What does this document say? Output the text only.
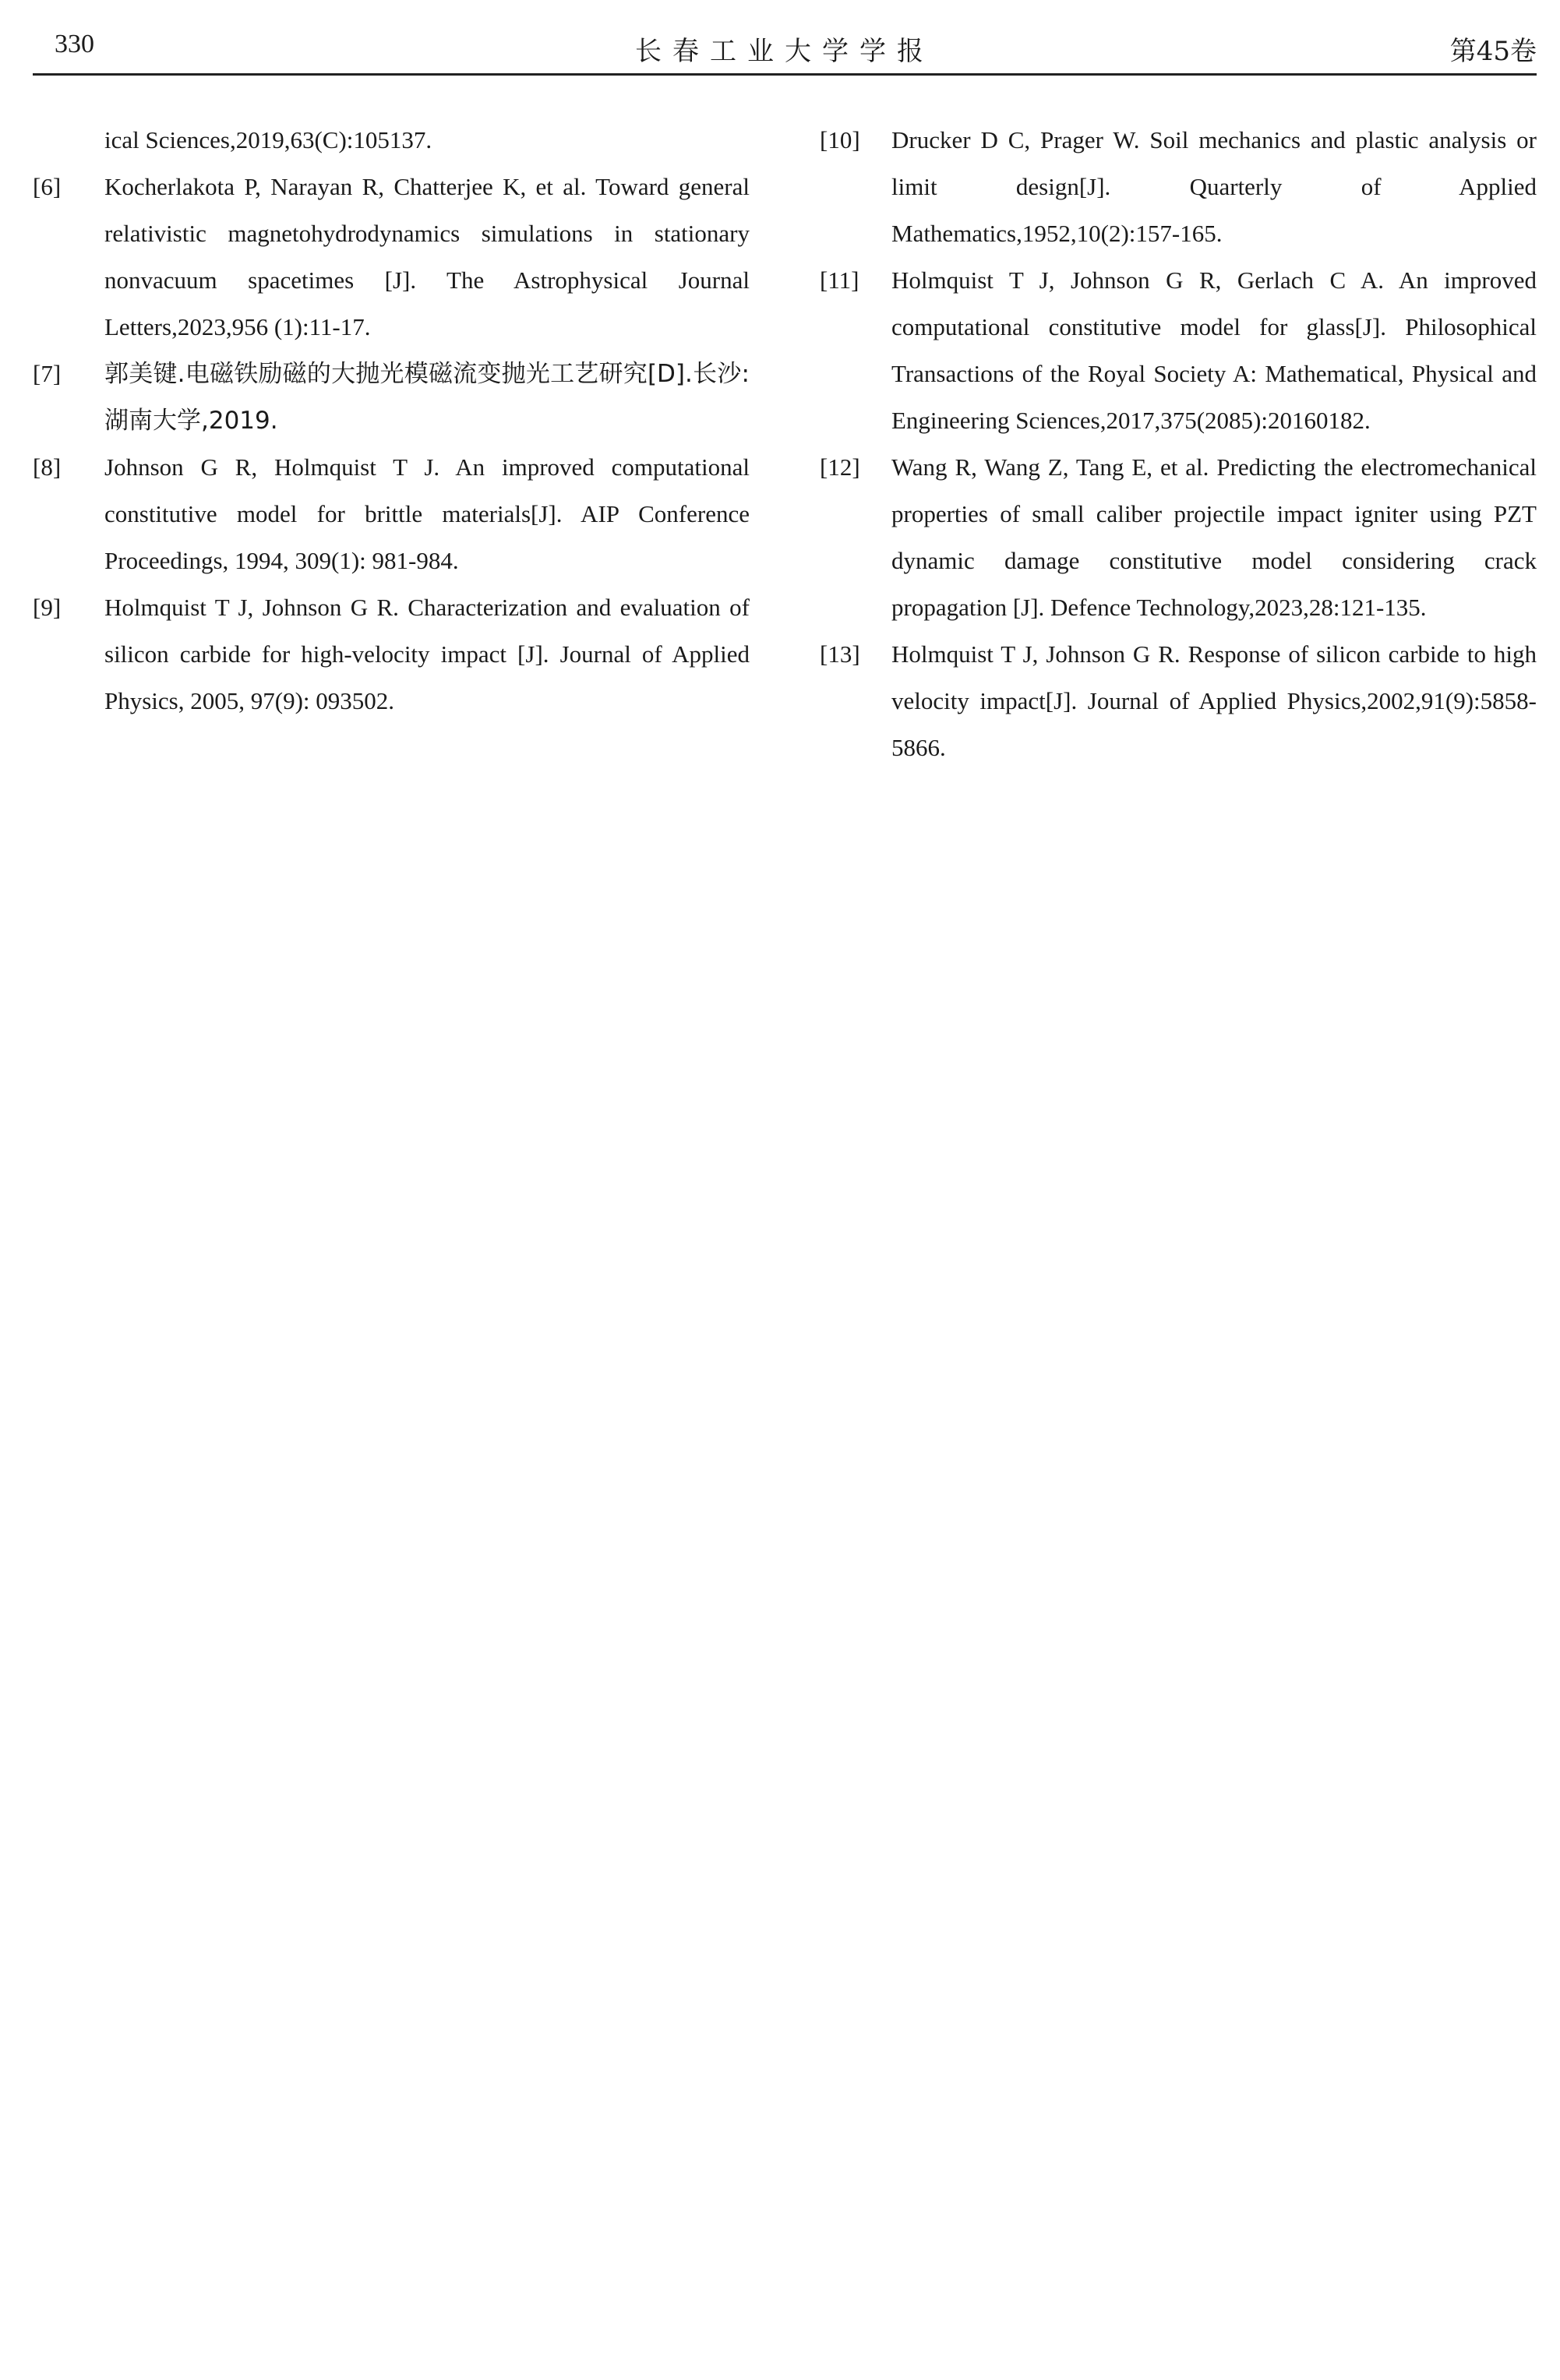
330	长春工业大学学报	第45卷
ical Sciences,2019,63(C):105137.
[6]	Kocherlakota P, Narayan R, Chatterjee K, et al. Toward general relativistic magnetohydrodynamics simulations in stationary nonvacuum spacetimes [J]. The Astrophysical Journal Letters,2023,956 (1):11-17.
[7]	郭美键.电磁铁励磁的大抛光模磁流变抛光工艺研究[D].长沙:湖南大学,2019.
[8]	Johnson G R, Holmquist T J. An improved computational constitutive model for brittle materials[J]. AIP Conference Proceedings, 1994, 309(1): 981-984.
[9]	Holmquist T J, Johnson G R. Characterization and evaluation of silicon carbide for high-velocity impact [J]. Journal of Applied Physics, 2005, 97(9): 093502.
[10]	Drucker D C, Prager W. Soil mechanics and plastic analysis or limit design[J]. Quarterly of Applied Mathematics,1952,10(2):157-165.
[11]	Holmquist T J, Johnson G R, Gerlach C A. An improved computational constitutive model for glass[J]. Philosophical Transactions of the Royal Society A: Mathematical, Physical and Engineering Sciences,2017,375(2085):20160182.
[12]	Wang R, Wang Z, Tang E, et al. Predicting the electromechanical properties of small caliber projectile impact igniter using PZT dynamic damage constitutive model considering crack propagation [J]. Defence Technology,2023,28:121-135.
[13]	Holmquist T J, Johnson G R. Response of silicon carbide to high velocity impact[J]. Journal of Applied Physics,2002,91(9):5858-5866.
